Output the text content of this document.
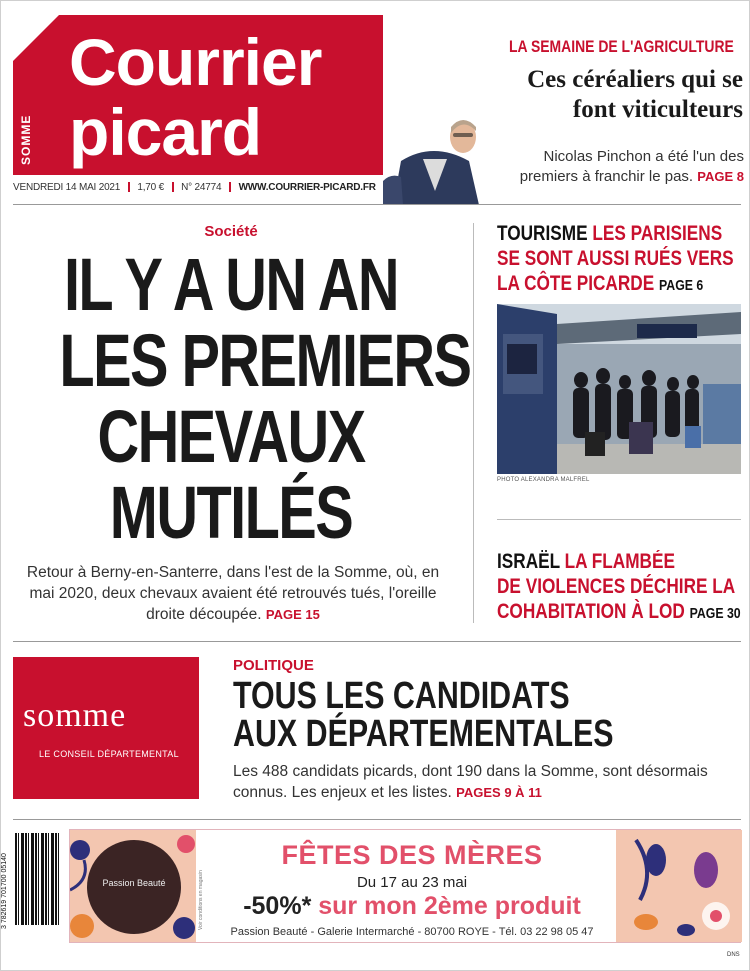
Courrier
picard
SOMME
VENDREDI 14 MAI 2021 1,70 € N° 24774 WWW.COURRIER-PICARD.FR
LA SEMAINE DE L'AGRICULTURE
Ces céréaliers qui se
font viticulteurs
Nicolas Pinchon a été l'un des premiers à franchir le pas. PAGE 8
Société
IL Y A UN AN
LES PREMIERS
CHEVAUX
MUTILÉS
Retour à Berny-en-Santerre, dans l'est de la Somme, où, en mai 2020, deux chevaux avaient été retrouvés tués, l'oreille droite découpée. PAGE 15
TOURISME LES PARISIENS
SE SONT AUSSI RUÉS VERS
LA CÔTE PICARDE PAGE 6
PHOTO ALEXANDRA MALFREL
ISRAËL LA FLAMBÉE
DE VIOLENCES DÉCHIRE LA
COHABITATION À LOD PAGE 30
somme
LE CONSEIL DÉPARTEMENTAL
POLITIQUE
TOUS LES CANDIDATS
AUX DÉPARTEMENTALES
Les 488 candidats picards, dont 190 dans la Somme, sont désormais connus. Les enjeux et les listes. PAGES 9 À 11
3 782619 701700 05140	Passion Beauté	Voir conditions en magasin
FÊTES DES MÈRES
Du 17 au 23 mai
-50%* sur mon 2ème produit
Passion Beauté - Galerie Intermarché - 80700 ROYE - Tél. 03 22 98 05 47
DNS
